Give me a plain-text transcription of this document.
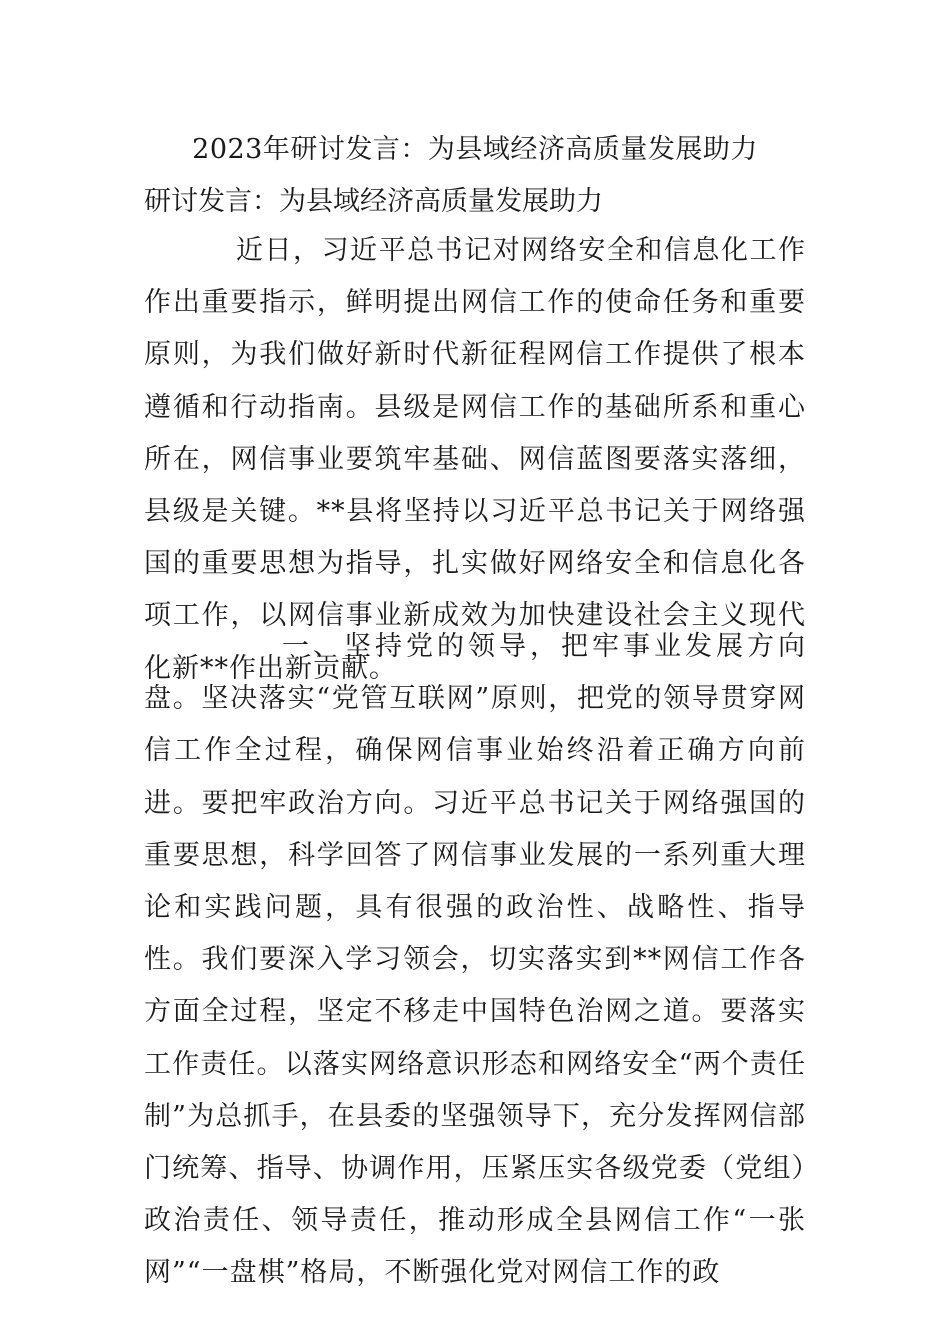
2023年研讨发言：为县域经济高质量发展助力
研讨发言：为县域经济高质量发展助力

近日，习近平总书记对网络安全和信息化工作作出重要指示，鲜明提出网信工作的使命任务和重要原则，为我们做好新时代新征程网信工作提供了根本遵循和行动指南。县级是网信工作的基础所系和重心所在，网信事业要筑牢基础、网信蓝图要落实落细，县级是关键。**县将坚持以习近平总书记关于网络强国的重要思想为指导，扎实做好网络安全和信息化各项工作，以网信事业新成效为加快建设社会主义现代化新**作出新贡献。

一、坚持党的领导，把牢事业发展方向盘。坚决落实“党管互联网”原则，把党的领导贯穿网信工作全过程，确保网信事业始终沿着正确方向前进。要把牢政治方向。习近平总书记关于网络强国的重要思想，科学回答了网信事业发展的一系列重大理论和实践问题，具有很强的政治性、战略性、指导性。我们要深入学习领会，切实落实到**网信工作各方面全过程，坚定不移走中国特色治网之道。要落实工作责任。以落实网络意识形态和网络安全“两个责任制”为总抓手，在县委的坚强领导下，充分发挥网信部门统筹、指导、协调作用，压紧压实各级党委（党组）政治责任、领导责任，推动形成全县网信工作“一张网”“一盘棋”格局，不断强化党对网信工作的政
